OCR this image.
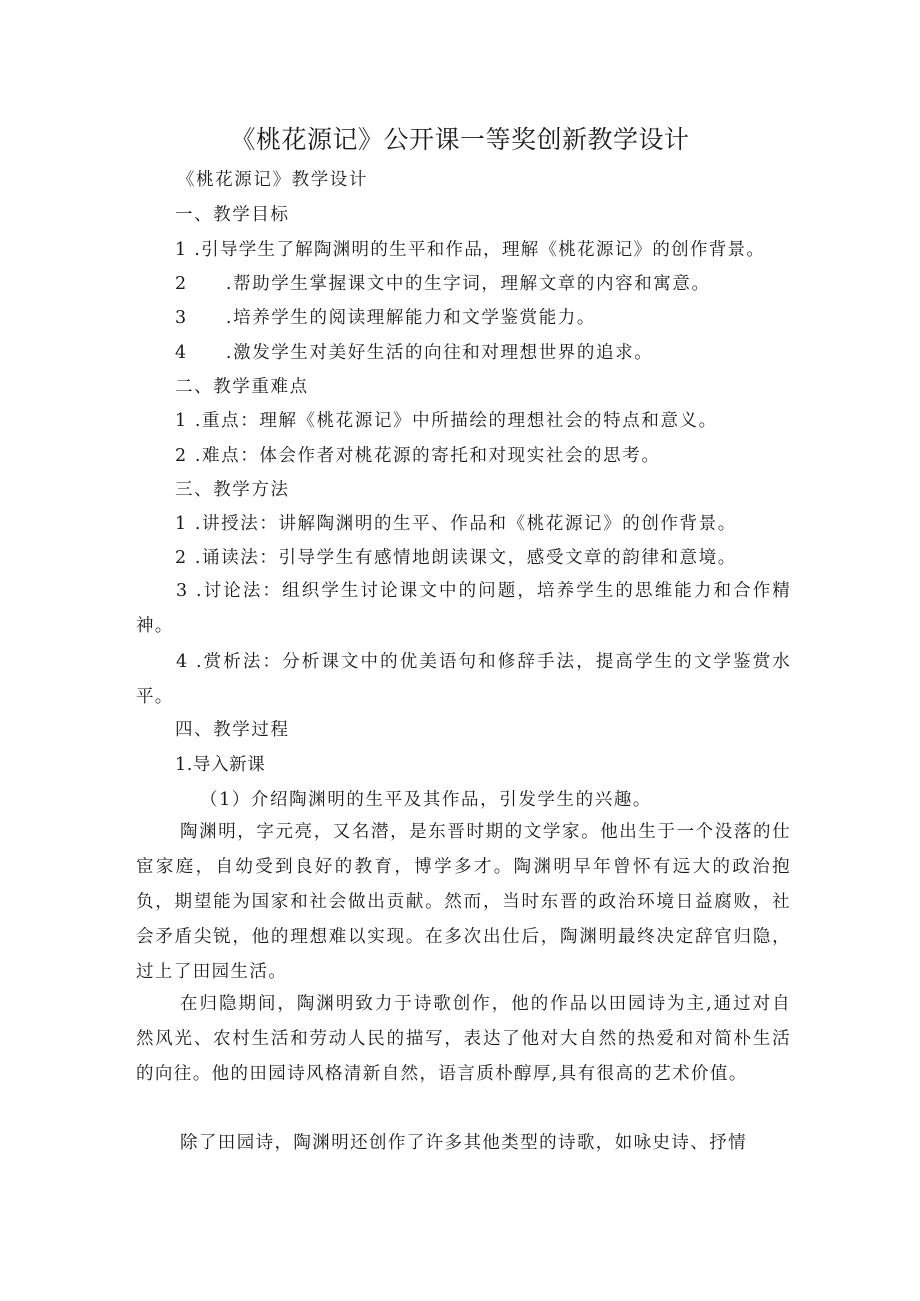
《桃花源记》公开课一等奖创新教学设计

《桃花源记》教学设计

一、教学目标

1 .引导学生了解陶渊明的生平和作品，理解《桃花源记》的创作背景。

2　　.帮助学生掌握课文中的生字词，理解文章的内容和寓意。

3　　.培养学生的阅读理解能力和文学鉴赏能力。

4　　.激发学生对美好生活的向往和对理想世界的追求。

二、教学重难点

1 .重点：理解《桃花源记》中所描绘的理想社会的特点和意义。

2 .难点：体会作者对桃花源的寄托和对现实社会的思考。

三、教学方法

1 .讲授法：讲解陶渊明的生平、作品和《桃花源记》的创作背景。

2 .诵读法：引导学生有感情地朗读课文，感受文章的韵律和意境。

3 .讨论法：组织学生讨论课文中的问题，培养学生的思维能力和合作精神。

4 .赏析法：分析课文中的优美语句和修辞手法，提高学生的文学鉴赏水平。

四、教学过程

1.导入新课

（1）介绍陶渊明的生平及其作品，引发学生的兴趣。

陶渊明，字元亮，又名潜，是东晋时期的文学家。他出生于一个没落的仕宦家庭，自幼受到良好的教育，博学多才。陶渊明早年曾怀有远大的政治抱负，期望能为国家和社会做出贡献。然而，当时东晋的政治环境日益腐败，社会矛盾尖锐，他的理想难以实现。在多次出仕后，陶渊明最终决定辞官归隐，过上了田园生活。

在归隐期间，陶渊明致力于诗歌创作，他的作品以田园诗为主,通过对自然风光、农村生活和劳动人民的描写，表达了他对大自然的热爱和对简朴生活的向往。他的田园诗风格清新自然，语言质朴醇厚,具有很高的艺术价值。

除了田园诗，陶渊明还创作了许多其他类型的诗歌，如咏史诗、抒情
